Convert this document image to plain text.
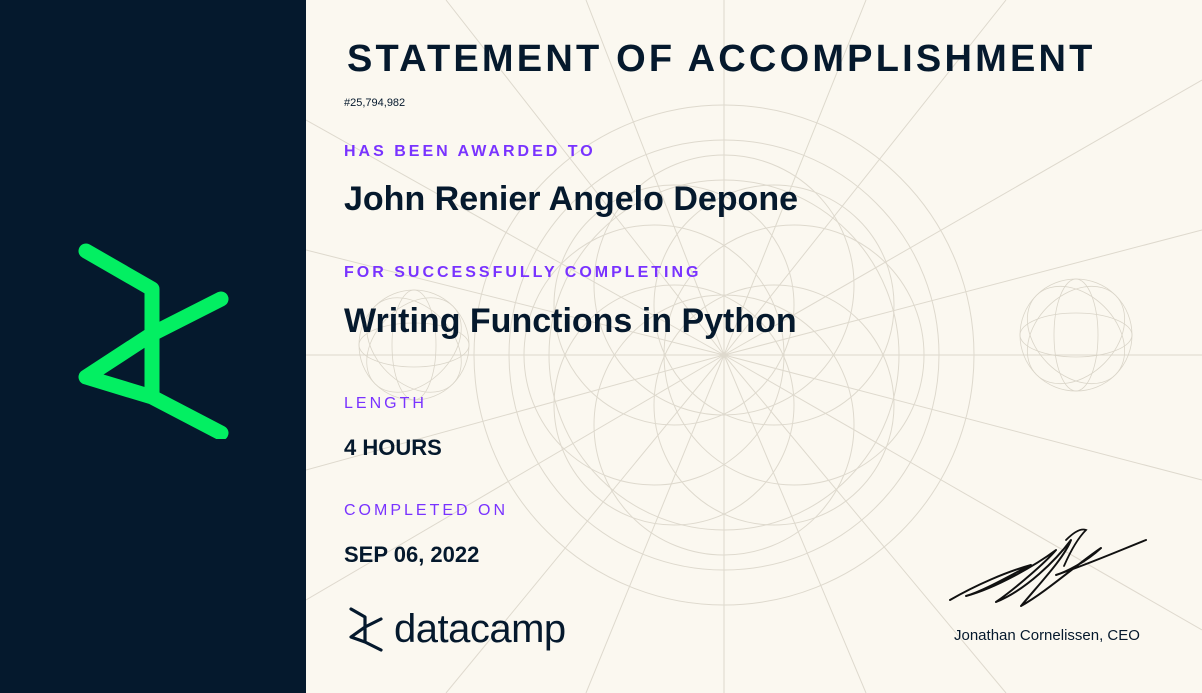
STATEMENT OF ACCOMPLISHMENT
#25,794,982
HAS BEEN AWARDED TO
John Renier Angelo Depone
FOR SUCCESSFULLY COMPLETING
Writing Functions in Python
LENGTH
4 HOURS
COMPLETED ON
SEP 06, 2022
datacamp	Jonathan Cornelissen, CEO
